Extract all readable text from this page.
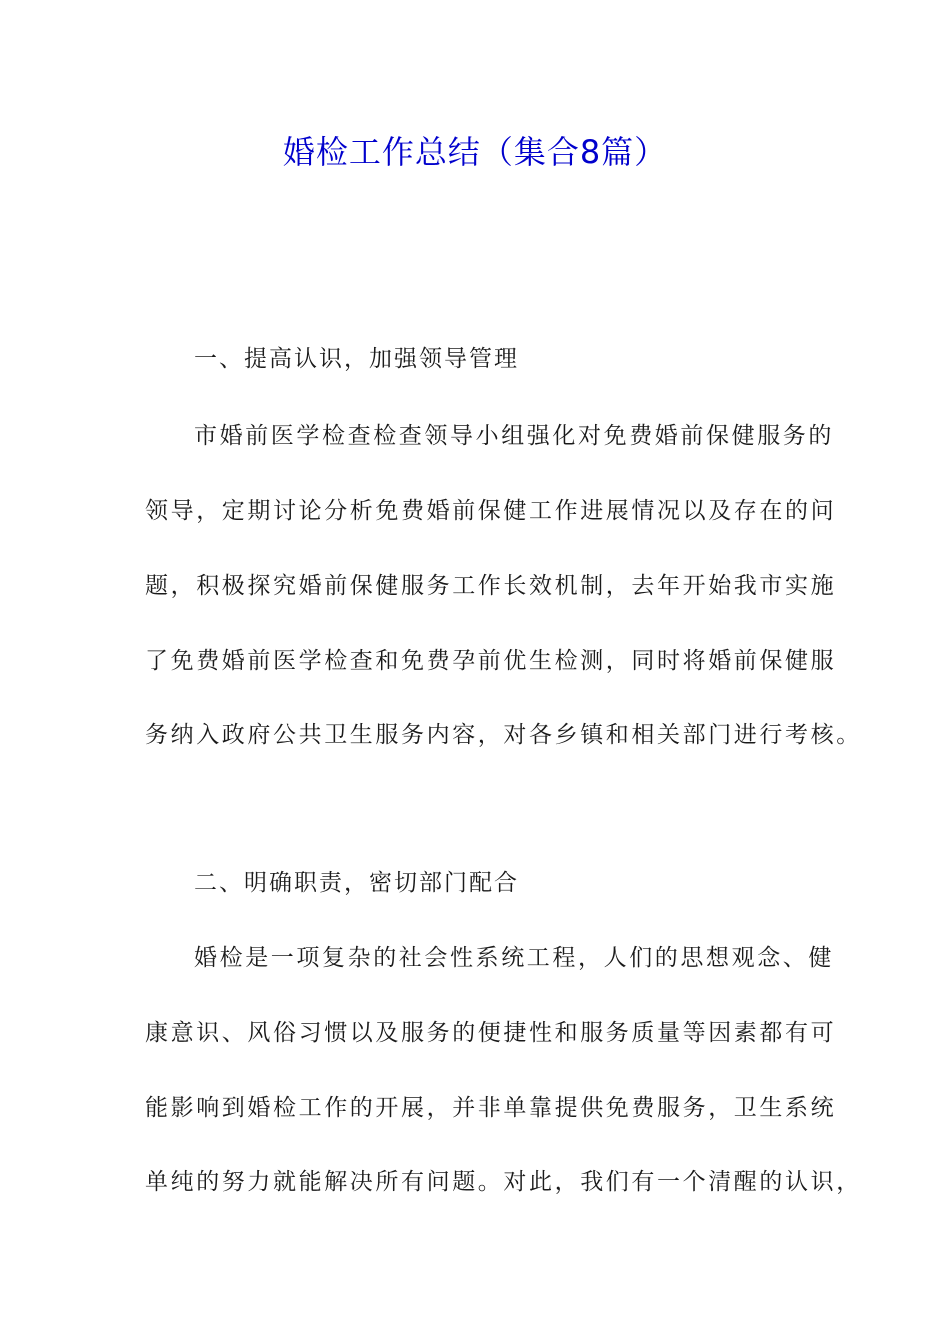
婚检工作总结（集合8篇）

一、提高认识，加强领导管理

市婚前医学检查检查领导小组强化对免费婚前保健服务的

领导，定期讨论分析免费婚前保健工作进展情况以及存在的问

题，积极探究婚前保健服务工作长效机制，去年开始我市实施

了免费婚前医学检查和免费孕前优生检测，同时将婚前保健服

务纳入政府公共卫生服务内容，对各乡镇和相关部门进行考核。

二、明确职责，密切部门配合

婚检是一项复杂的社会性系统工程，人们的思想观念、健

康意识、风俗习惯以及服务的便捷性和服务质量等因素都有可

能影响到婚检工作的开展，并非单靠提供免费服务，卫生系统

单纯的努力就能解决所有问题。对此，我们有一个清醒的认识，
